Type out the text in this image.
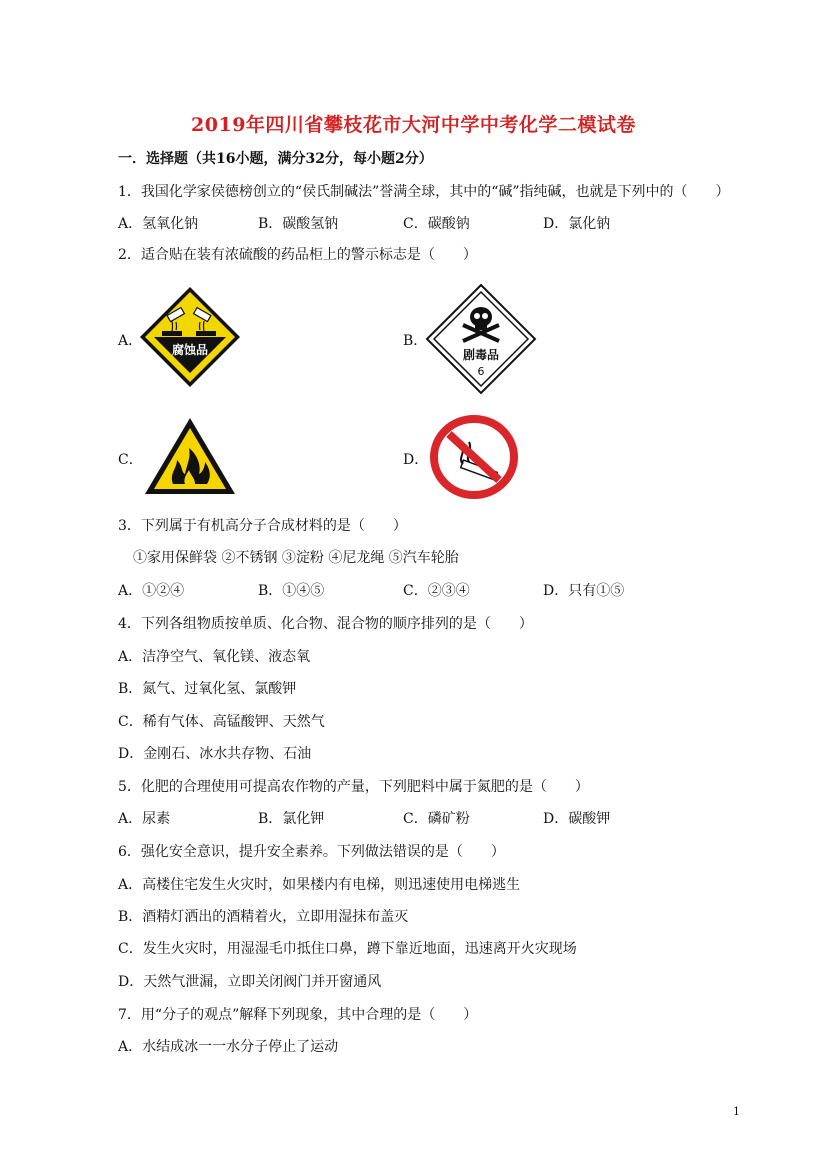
2019年四川省攀枝花市大河中学中考化学二模试卷
一．选择题（共16小题，满分32分，每小题2分）
1．我国化学家侯德榜创立的“侯氏制碱法”誉满全球，其中的“碱”指纯碱，也就是下列中的（　　）
A．氢氧化钠	B．碳酸氢钠	C．碳酸钠	D．氯化钠
2．适合贴在装有浓硫酸的药品柜上的警示标志是（　　）
A．
腐蚀品
B．
剧毒品
6
C．	D．
3．下列属于有机高分子合成材料的是（　　）
①家用保鲜袋 ②不锈钢 ③淀粉 ④尼龙绳 ⑤汽车轮胎
A．①②④	B．①④⑤	C．②③④	D．只有①⑤
4．下列各组物质按单质、化合物、混合物的顺序排列的是（　　）
A．洁净空气、氧化镁、液态氧
B．氮气、过氧化氢、氯酸钾
C．稀有气体、高锰酸钾、天然气
D．金刚石、冰水共存物、石油
5．化肥的合理使用可提高农作物的产量，下列肥料中属于氮肥的是（　　）
A．尿素	B．氯化钾	C．磷矿粉	D．碳酸钾
6．强化安全意识，提升安全素养。下列做法错误的是（　　）
A．高楼住宅发生火灾时，如果楼内有电梯，则迅速使用电梯逃生
B．酒精灯洒出的酒精着火，立即用湿抹布盖灭
C．发生火灾时，用湿湿毛巾抵住口鼻，蹲下靠近地面，迅速离开火灾现场
D．天然气泄漏，立即关闭阀门并开窗通风
7．用“分子的观点”解释下列现象，其中合理的是（　　）
A．水结成冰一一水分子停止了运动
1
